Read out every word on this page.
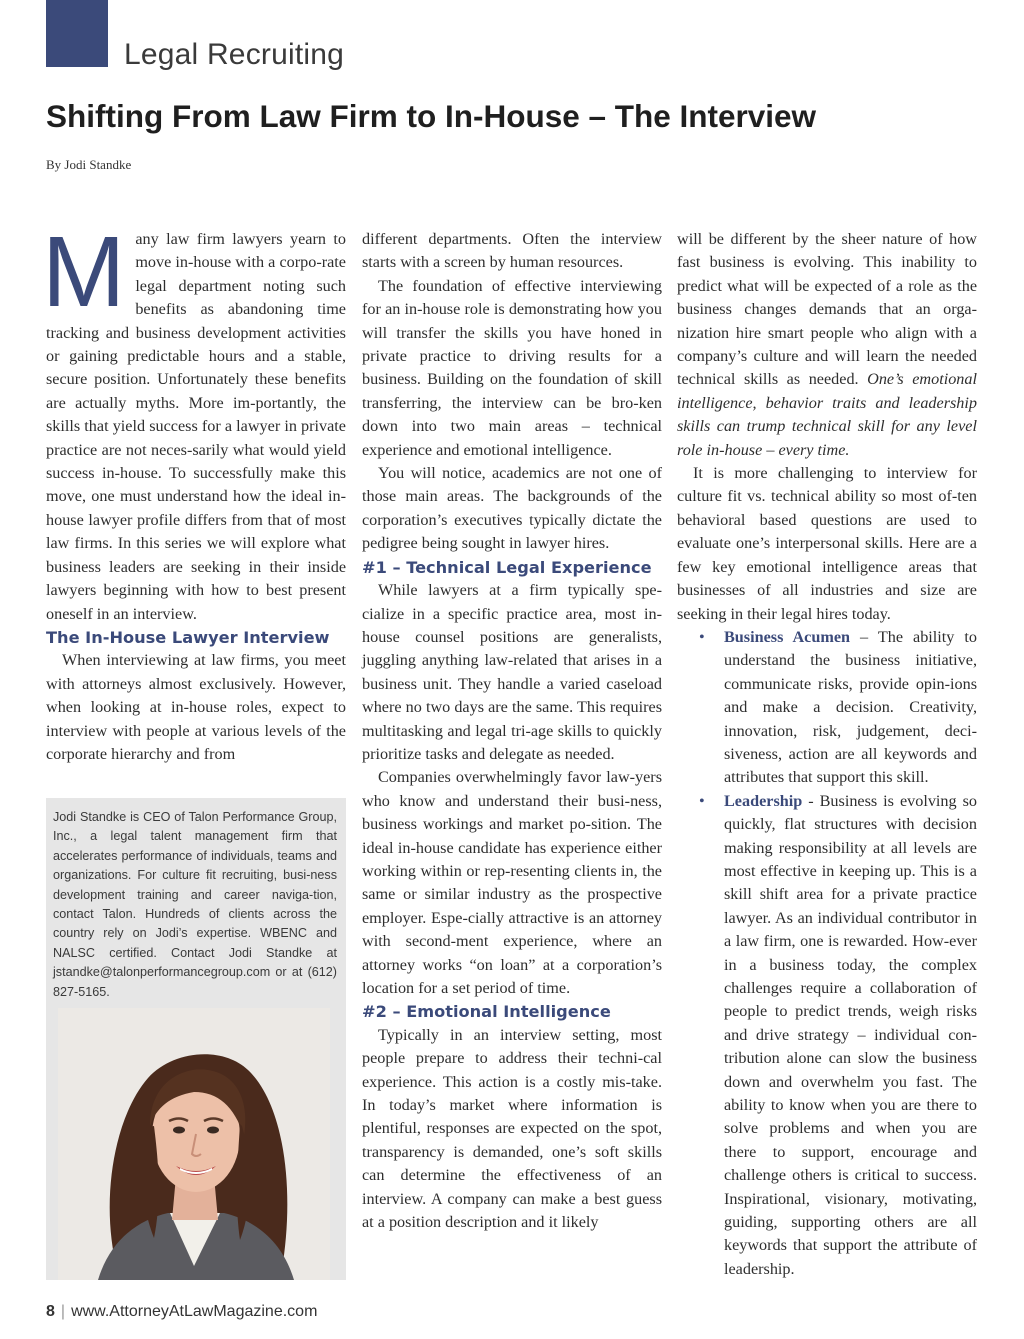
Legal Recruiting
Shifting From Law Firm to In-House – The Interview
By Jodi Standke
M any law firm lawyers yearn to move in-house with a corpo-rate legal department noting such benefits as abandoning time tracking and business development activities or gaining predictable hours and a stable, secure position. Unfortunately these benefits are actually myths. More im-portantly, the skills that yield success for a lawyer in private practice are not neces-sarily what would yield success in-house. To successfully make this move, one must understand how the ideal in-house lawyer profile differs from that of most law firms. In this series we will explore what business leaders are seeking in their inside lawyers beginning with how to best present oneself in an interview.

The In-House Lawyer Interview

When interviewing at law firms, you meet with attorneys almost exclusively. However, when looking at in-house roles, expect to interview with people at various levels of the corporate hierarchy and from

Jodi Standke is CEO of Talon Performance Group, Inc., a legal talent management firm that accelerates performance of individuals, teams and organizations. For culture fit recruiting, busi-ness development training and career naviga-tion, contact Talon. Hundreds of clients across the country rely on Jodi’s expertise. WBENC and NALSC certified. Contact Jodi Standke at jstandke@talonperformancegroup.com or at (612) 827-5165.

different departments. Often the interview starts with a screen by human resources.

The foundation of effective interviewing for an in-house role is demonstrating how you will transfer the skills you have honed in private practice to driving results for a business. Building on the foundation of skill transferring, the interview can be bro-ken down into two main areas – technical experience and emotional intelligence.

You will notice, academics are not one of those main areas. The backgrounds of the corporation’s executives typically dictate the pedigree being sought in lawyer hires.

#1 – Technical Legal Experience

While lawyers at a firm typically spe-cialize in a specific practice area, most in-house counsel positions are generalists, juggling anything law-related that arises in a business unit. They handle a varied caseload where no two days are the same. This requires multitasking and legal tri-age skills to quickly prioritize tasks and delegate as needed.

Companies overwhelmingly favor law-yers who know and understand their busi-ness, business workings and market po-sition. The ideal in-house candidate has experience either working within or rep-resenting clients in, the same or similar industry as the prospective employer. Espe-cially attractive is an attorney with second-ment experience, where an attorney works “on loan” at a corporation’s location for a set period of time.

#2 – Emotional Intelligence

Typically in an interview setting, most people prepare to address their techni-cal experience. This action is a costly mis-take. In today’s market where information is plentiful, responses are expected on the spot, transparency is demanded, one’s soft skills can determine the effectiveness of an interview. A company can make a best guess at a position description and it likely

will be different by the sheer nature of how fast business is evolving. This inability to predict what will be expected of a role as the business changes demands that an orga-nization hire smart people who align with a company’s culture and will learn the needed technical skills as needed. One’s emotional intelligence, behavior traits and leadership skills can trump technical skill for any level role in-house – every time.

It is more challenging to interview for culture fit vs. technical ability so most of-ten behavioral based questions are used to evaluate one’s interpersonal skills. Here are a few key emotional intelligence areas that businesses of all industries and size are seeking in their legal hires today.

• Business Acumen – The ability to understand the business initiative, communicate risks, provide opin-ions and make a decision. Creativity, innovation, risk, judgement, deci-siveness, action are all keywords and attributes that support this skill.
• Leadership - Business is evolving so quickly, flat structures with decision making responsibility at all levels are most effective in keeping up. This is a skill shift area for a private practice lawyer. As an individual contributor in a law firm, one is rewarded. How-ever in a business today, the complex challenges require a collaboration of people to predict trends, weigh risks and drive strategy – individual con-tribution alone can slow the business down and overwhelm you fast. The ability to know when you are there to solve problems and when you are there to support, encourage and challenge others is critical to success. Inspirational, visionary, motivating, guiding, supporting others are all keywords that support the attribute of leadership.
8 | www.AttorneyAtLawMagazine.com
